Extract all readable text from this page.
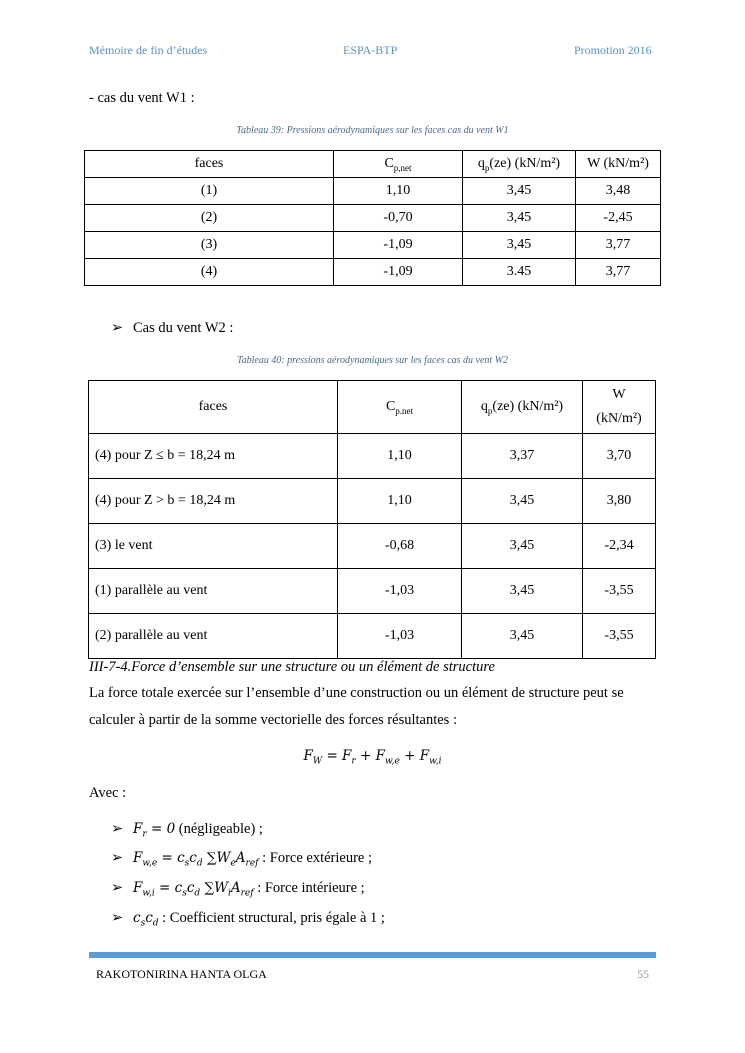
Mémoire de fin d’études	ESPA-BTP	Promotion 2016
- cas du vent W1 :
Tableau 39: Pressions aérodynamiques sur les faces cas du vent W1
faces	$C_{p,net}$	$q_p(ze)$ (kN/m²)	W (kN/m²)
(1)	1,10	3,45	3,48
(2)	-0,70	3,45	-2,45
(3)	-1,09	3,45	3,77
(4)	-1,09	3.45	3,77
➢ Cas du vent W2 :
Tableau 40: pressions aérodynamiques sur les faces cas du vent W2
faces	$C_{p.net}$	$q_p(ze)$ (kN/m²)	W
(kN/m²)
(4) pour Z ≤ b = 18,24 m	1,10	3,37	3,70
(4) pour Z > b = 18,24 m	1,10	3,45	3,80
(3) le vent	-0,68	3,45	-2,34
(1) parallèle au vent	-1,03	3,45	-3,55
(2) parallèle au vent	-1,03	3,45	-3,55
III-7-4.Force d’ensemble sur une structure ou un élément de structure
La force totale exercée sur l’ensemble d’une construction ou un élément de structure peut se
calculer à partir de la somme vectorielle des forces résultantes :
$F_W = F_r + F_{w,e} + F_{w,i}$
Avec :
➢ $F_r = 0$ (négligeable) ;
➢ $F_{w,e} = c_sc_d$ $\sum W_eA_{ref}$ : Force extérieure ;
➢ $F_{w,i} = c_sc_d$ $\sum W_iA_{ref}$ : Force intérieure ;
➢ $c_sc_d$ : Coefficient structural, pris égale à 1 ;
RAKOTONIRINA HANTA OLGA	55
